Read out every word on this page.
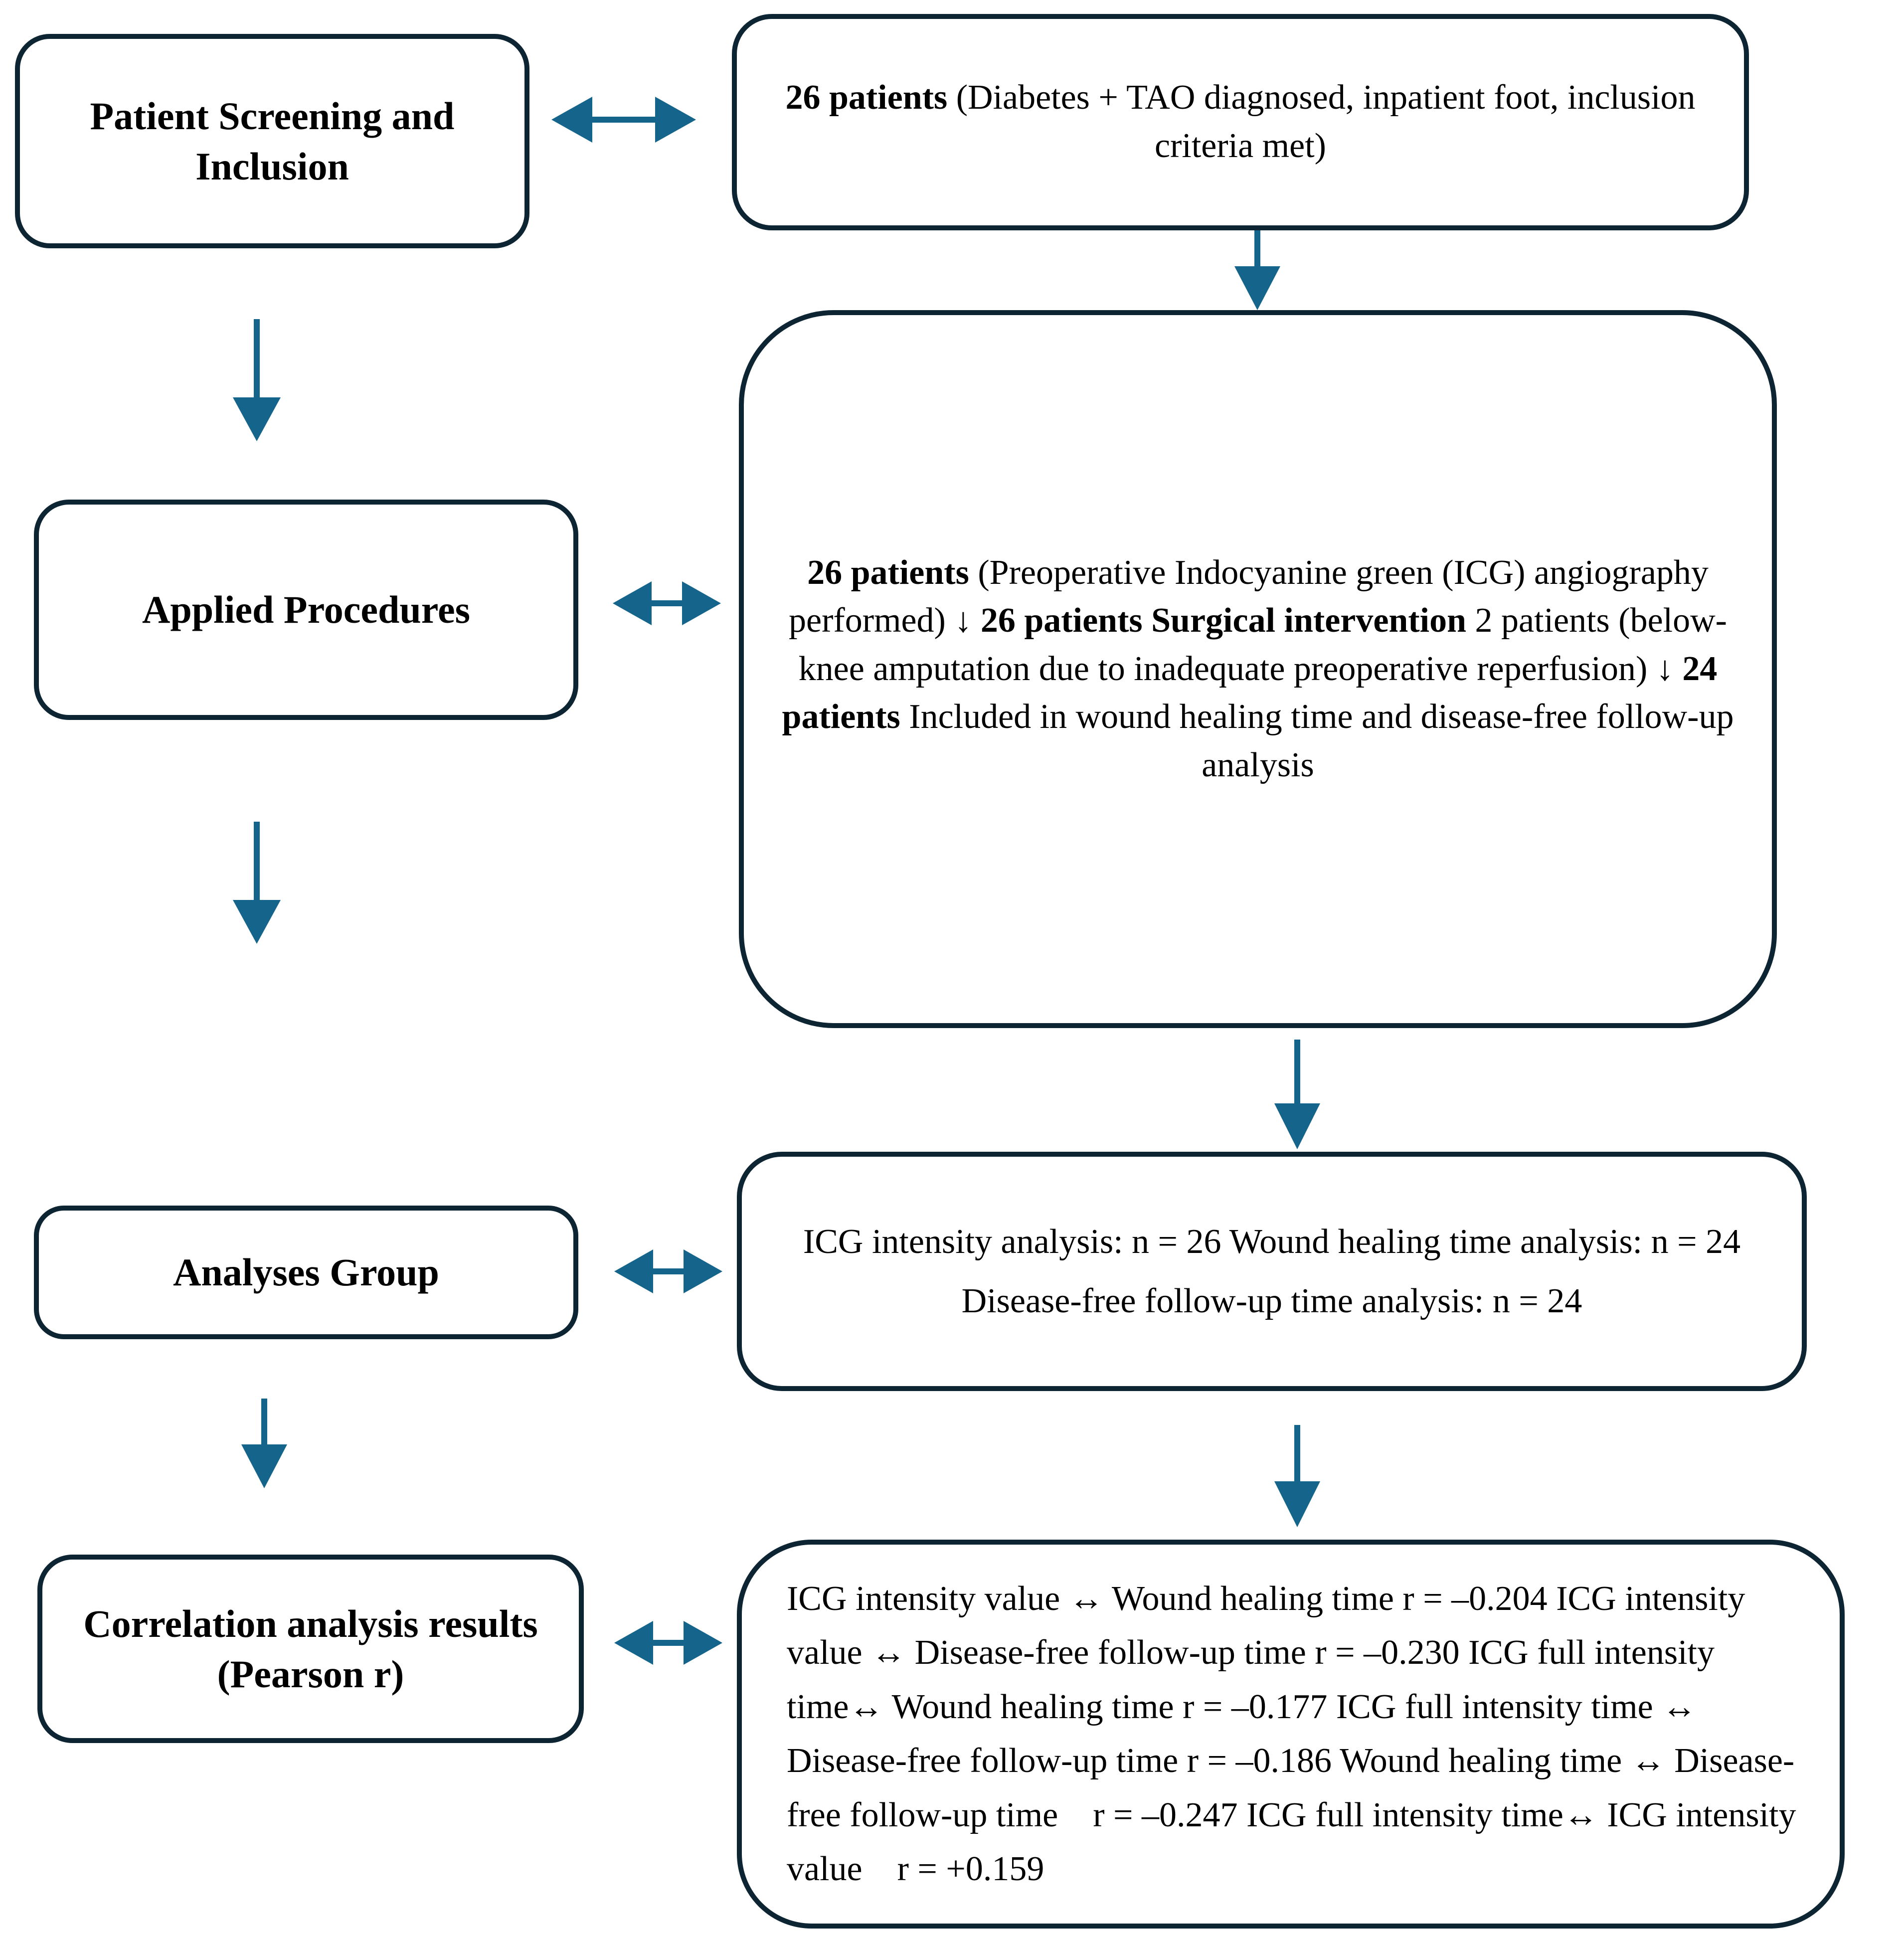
Patient Screening and Inclusion
Applied Procedures
Analyses Group
Correlation analysis results (Pearson r)
26 patients (Diabetes + TAO diagnosed, inpatient foot, inclusion criteria met)
26 patients (Preoperative Indocyanine green (ICG) angiography performed) ↓ 26 patients Surgical intervention 2 patients (below-knee amputation due to inadequate preoperative reperfusion) ↓ 24 patients Included in wound healing time and disease-free follow-up analysis
ICG intensity analysis: n = 26 Wound healing time analysis: n = 24 Disease-free follow-up time analysis: n = 24
ICG intensity value ↔ Wound healing time r = –0.204 ICG intensity value ↔ Disease-free follow-up time r = –0.230 ICG full intensity time↔ Wound healing time r = –0.177 ICG full intensity time ↔ Disease-free follow-up time r = –0.186 Wound healing time ↔ Disease-free follow-up time    r = –0.247 ICG full intensity time↔ ICG intensity value    r = +0.159
